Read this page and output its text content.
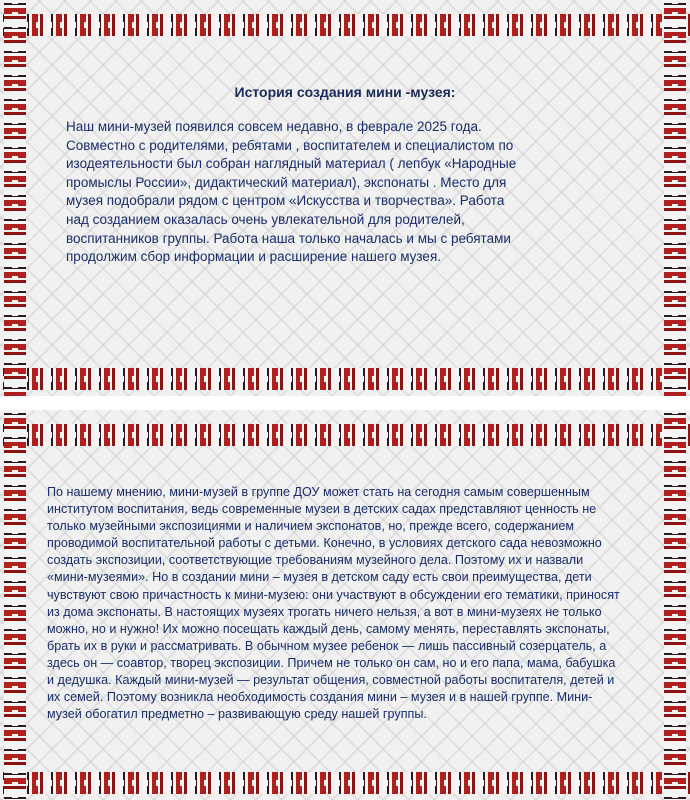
История создания мини -музея:

Наш мини-музей появился совсем недавно, в феврале 2025 года. Совместно с родителями, ребятами , воспитателем и специалистом по изодеятельности был собран наглядный материал ( лепбук «Народные промыслы России», дидактический материал), экспонаты . Место для музея подобрали рядом с центром «Искусства и творчества». Работа над созданием оказалась очень увлекательной для родителей, воспитанников группы. Работа наша только началась и мы с ребятами продолжим сбор информации и расширение нашего музея.

По нашему мнению, мини-музей в группе ДОУ может стать на сегодня самым совершенным институтом воспитания, ведь современные музеи в детских садах представляют ценность не только музейными экспозициями и наличием экспонатов, но, прежде всего, содержанием проводимой воспитательной работы с детьми. Конечно, в условиях детского сада невозможно создать экспозиции, соответствующие требованиям музейного дела. Поэтому их и назвали «мини-музеями». Но в создании мини – музея в детском саду есть свои преимущества, дети чувствуют свою причастность к мини-музею: они участвуют в обсуждении его тематики, приносят из дома экспонаты. В настоящих музеях трогать ничего нельзя, а вот в мини-музеях не только можно, но и нужно! Их можно посещать каждый день, самому менять, переставлять экспонаты, брать их в руки и рассматривать. В обычном музее ребенок — лишь пассивный созерцатель, а здесь он — соавтор, творец экспозиции. Причем не только он сам, но и его папа, мама, бабушка и дедушка. Каждый мини-музей — результат общения, совместной работы воспитателя, детей и их семей. Поэтому возникла необходимость создания мини – музея и в нашей группе. Мини-музей обогатил предметно – развивающую среду нашей группы.
